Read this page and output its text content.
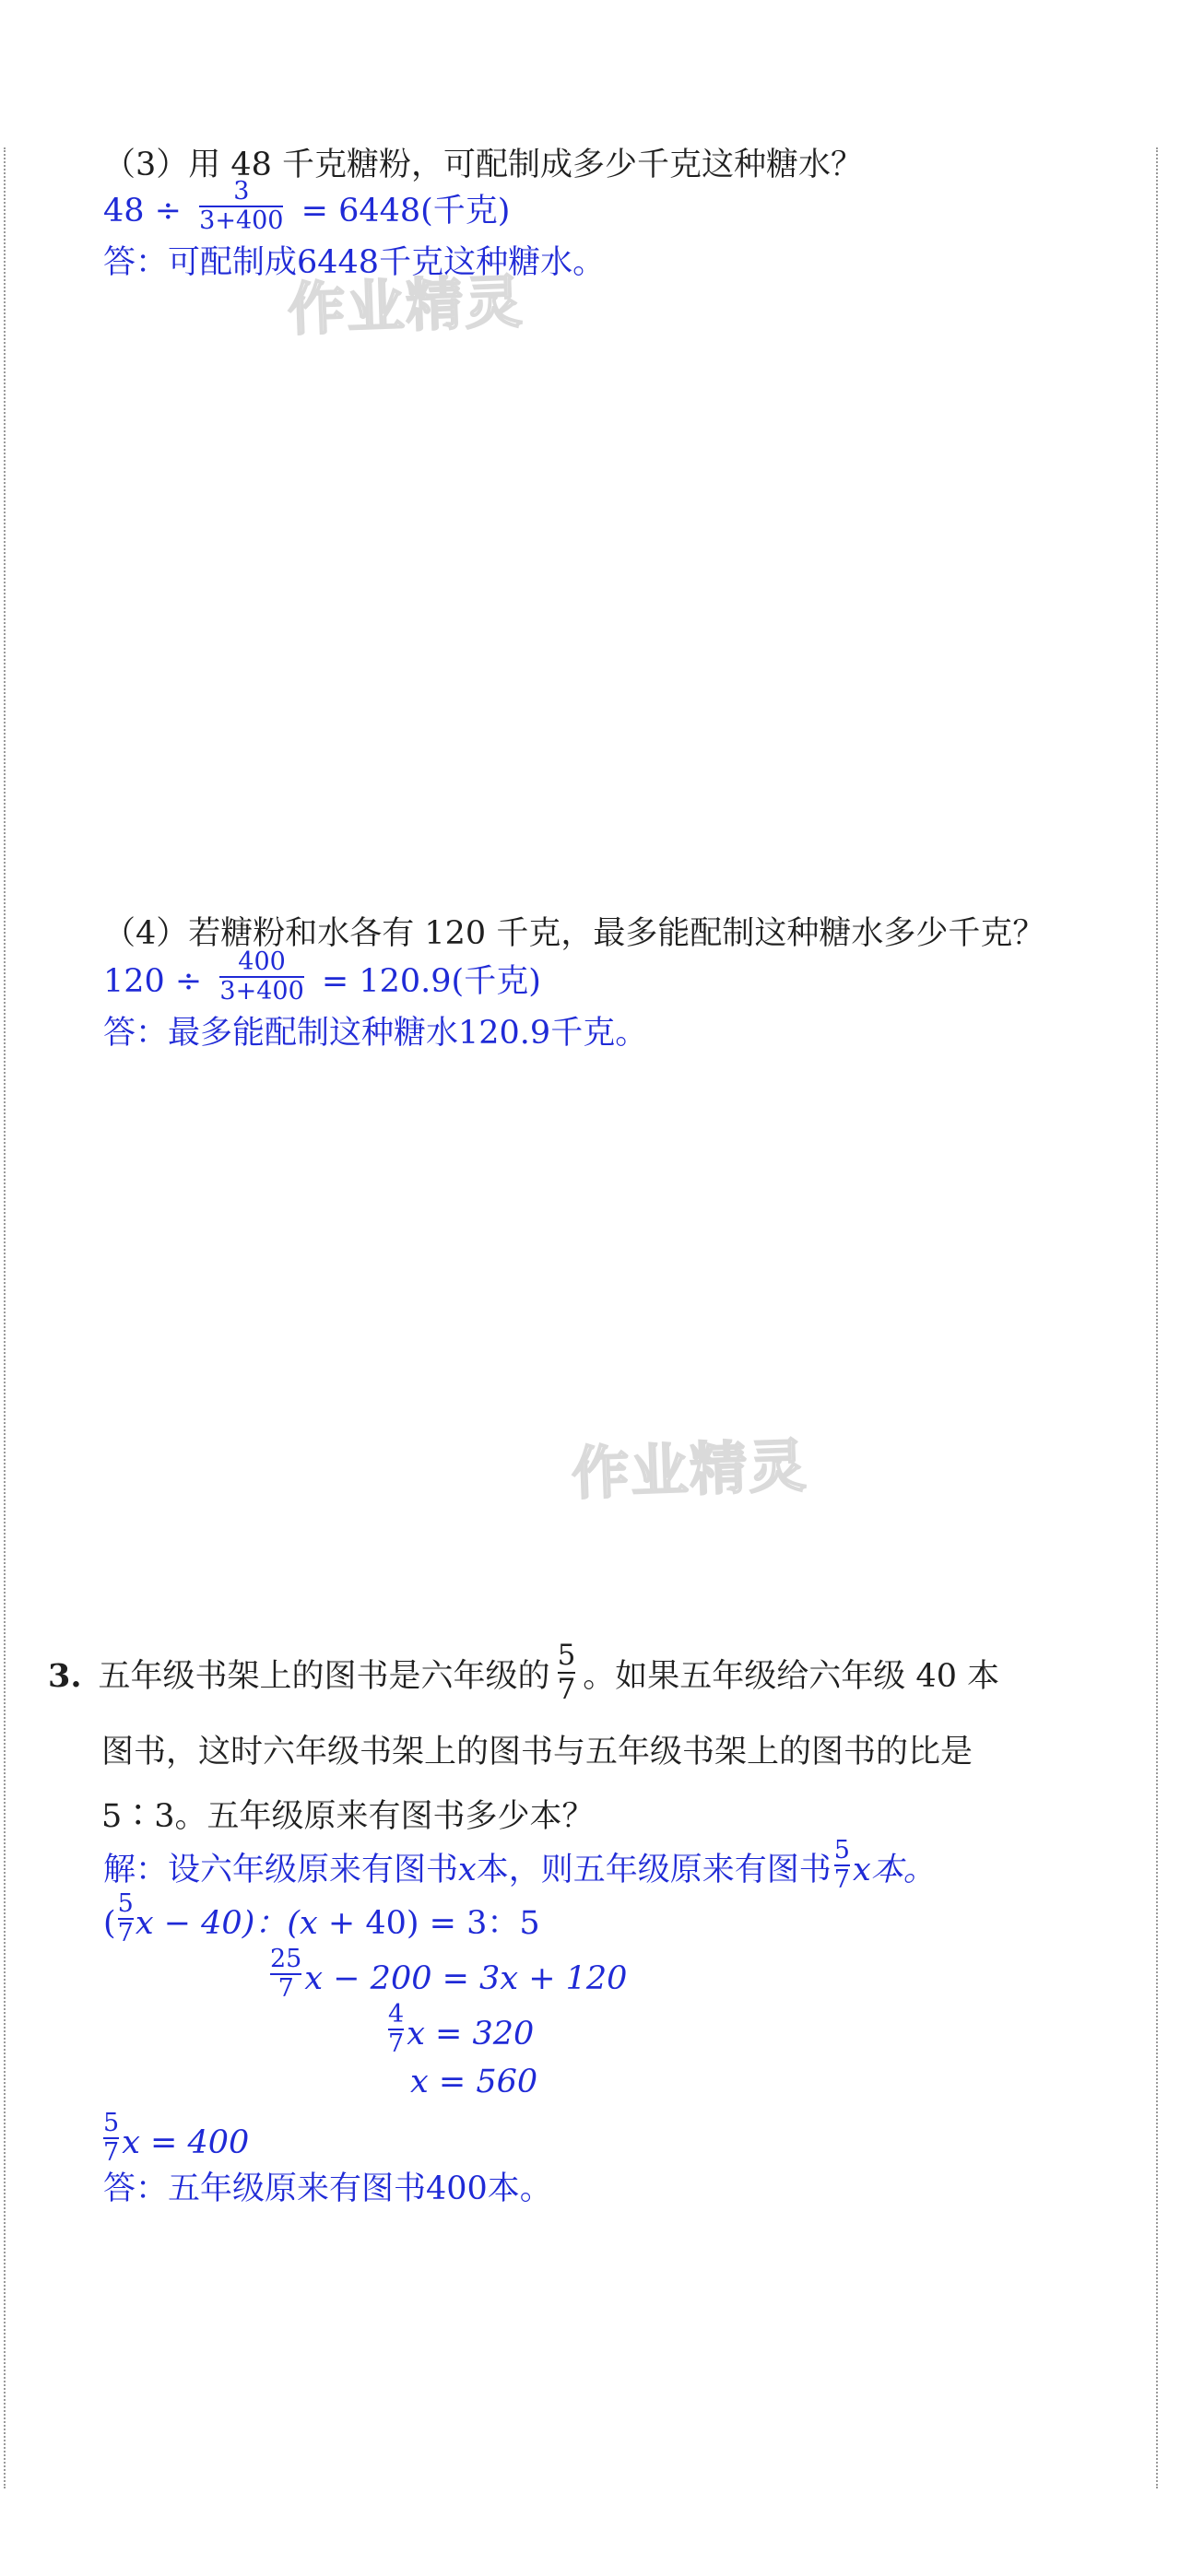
（3）用 48 千克糖粉，可配制成多少千克这种糖水？
$48 \div \frac{3}{3+400} = 6448$(千克)
答：可配制成6448千克这种糖水。
作业精灵
（4）若糖粉和水各有 120 千克，最多能配制这种糖水多少千克？
$120 \div \frac{400}{3+400} = 120.9$(千克)
答：最多能配制这种糖水120.9千克。
作业精灵
3. 五年级书架上的图书是六年级的 $\frac{5}{7}$ 。如果五年级给六年级 40 本
图书，这时六年级书架上的图书与五年级书架上的图书的比是
5∶3。五年级原来有图书多少本？
解：设六年级原来有图书x本，则五年级原来有图书 $\frac{5}{7}$ x本。
( $\frac{5}{7}$ x − 40)：(x + 40) = 3：5
$\frac{25}{7}$ x − 200 = 3x + 120
$\frac{4}{7}$ x = 320
x = 560
$\frac{5}{7}$ x = 400
答：五年级原来有图书400本。
